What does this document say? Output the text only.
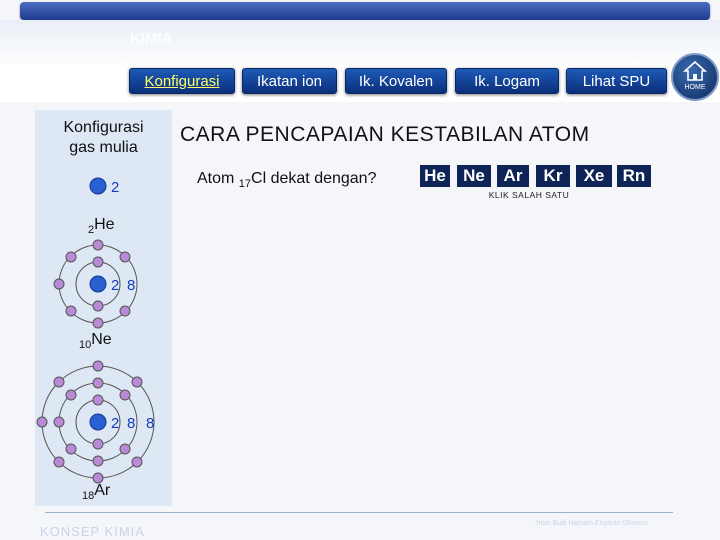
KIMIA
Konfigurasi	Ikatan ion	Ik. Kovalen	Ik. Logam	Lihat SPU	HOME
Konfigurasi
gas mulia
2
2 8
2 8 8
$_2$He
$_{10}$Ne
$_{18}$Ar
CARA PENCAPAIAN KESTABILAN ATOM
Atom $_{17}$Cl dekat dengan?	He	Ne	Ar	Kr	Xe	Rn
KLIK SALAH SATU
KONSEP KIMIA
Jrom Budi Hamam Eriyanto 08xxxxx
